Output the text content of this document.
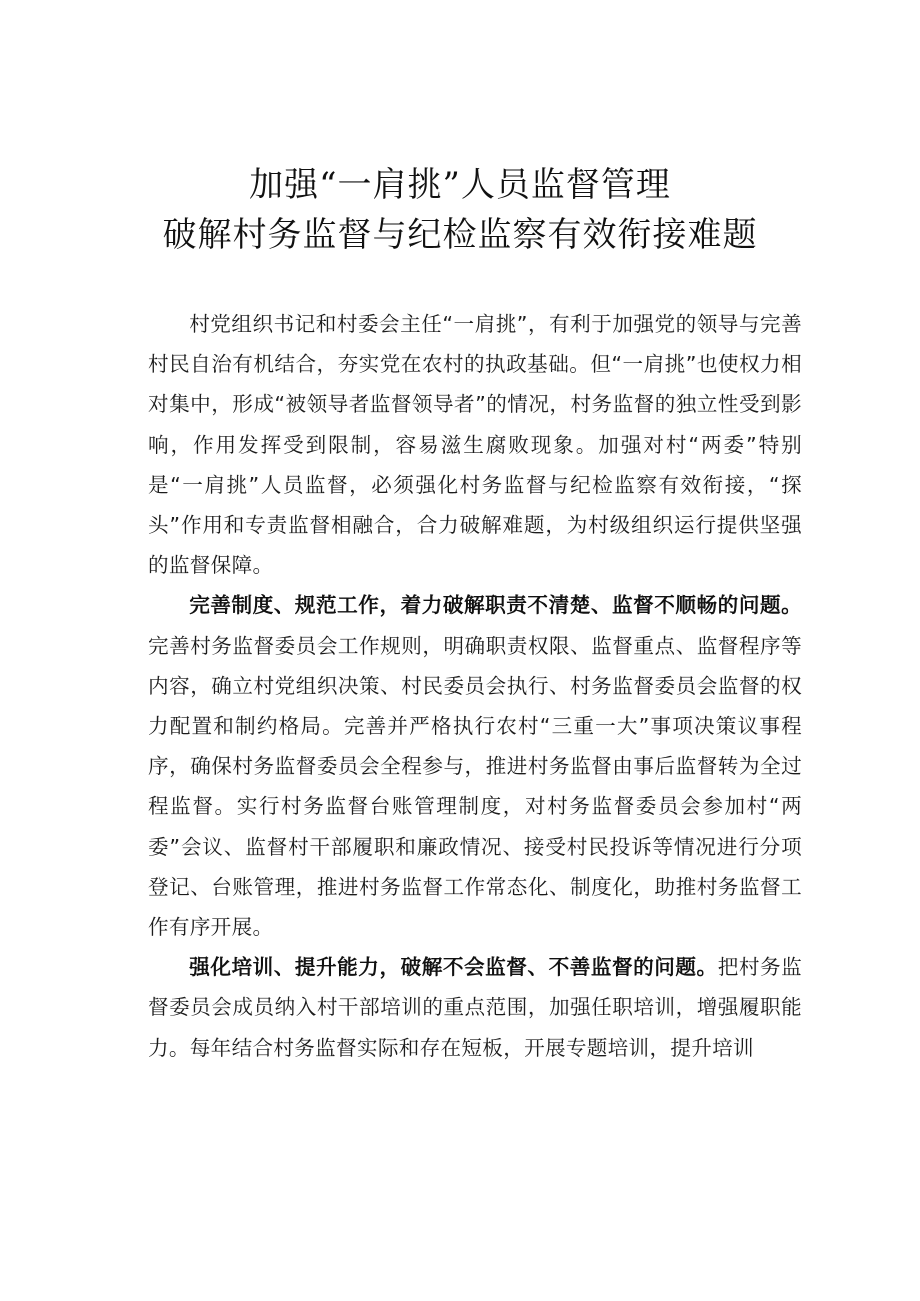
加强“一肩挑”人员监督管理
破解村务监督与纪检监察有效衔接难题

村党组织书记和村委会主任“一肩挑”，有利于加强党的领导与完善村民自治有机结合，夯实党在农村的执政基础。但“一肩挑”也使权力相对集中，形成“被领导者监督领导者”的情况，村务监督的独立性受到影响，作用发挥受到限制，容易滋生腐败现象。加强对村“两委”特别是“一肩挑”人员监督，必须强化村务监督与纪检监察有效衔接，“探头”作用和专责监督相融合，合力破解难题，为村级组织运行提供坚强的监督保障。

完善制度、规范工作，着力破解职责不清楚、监督不顺畅的问题。完善村务监督委员会工作规则，明确职责权限、监督重点、监督程序等内容，确立村党组织决策、村民委员会执行、村务监督委员会监督的权力配置和制约格局。完善并严格执行农村“三重一大”事项决策议事程序，确保村务监督委员会全程参与，推进村务监督由事后监督转为全过程监督。实行村务监督台账管理制度，对村务监督委员会参加村“两委”会议、监督村干部履职和廉政情况、接受村民投诉等情况进行分项登记、台账管理，推进村务监督工作常态化、制度化，助推村务监督工作有序开展。

强化培训、提升能力，破解不会监督、不善监督的问题。把村务监督委员会成员纳入村干部培训的重点范围，加强任职培训，增强履职能力。每年结合村务监督实际和存在短板，开展专题培训，提升培训
